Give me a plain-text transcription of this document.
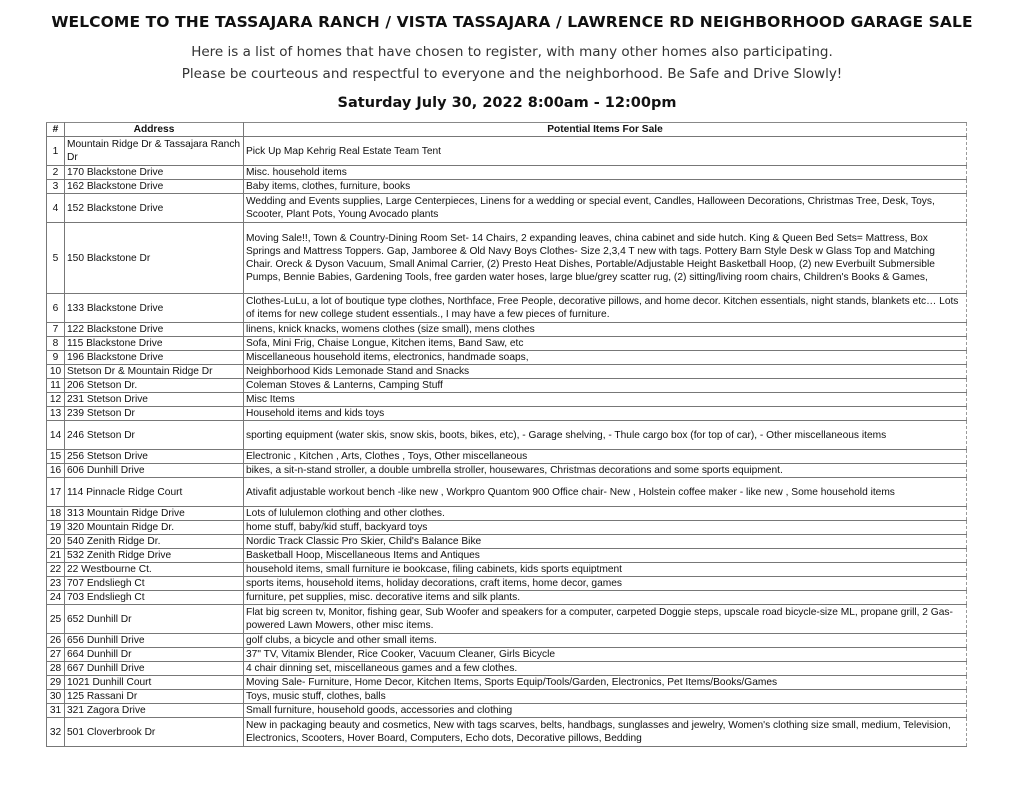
WELCOME TO THE TASSAJARA RANCH / VISTA TASSAJARA / LAWRENCE RD NEIGHBORHOOD GARAGE SALE
Here is a list of homes that have chosen to register, with many other homes also participating.
Please be courteous and respectful to everyone and the neighborhood. Be Safe and Drive Slowly!
Saturday July 30, 2022 8:00am - 12:00pm
#	Address	Potential Items For Sale
1	Mountain Ridge Dr & Tassajara Ranch Dr	Pick Up Map Kehrig Real Estate Team Tent
2	170 Blackstone Drive	Misc. household items
3	162 Blackstone Drive	Baby items, clothes, furniture, books
4	152 Blackstone Drive	Wedding and Events supplies, Large Centerpieces, Linens for a wedding or special event, Candles, Halloween Decorations, Christmas Tree, Desk, Toys, Scooter, Plant Pots, Young Avocado plants
5	150 Blackstone Dr	Moving Sale!!, Town & Country-Dining Room Set- 14 Chairs, 2 expanding leaves, china cabinet and side hutch. King & Queen Bed Sets= Mattress, Box Springs and Mattress Toppers. Gap, Jamboree & Old Navy Boys Clothes- Size 2,3,4 T new with tags. Pottery Barn Style Desk w Glass Top and Matching Chair. Oreck & Dyson Vacuum, Small Animal Carrier, (2) Presto Heat Dishes, Portable/Adjustable Height Basketball Hoop, (2) new Everbuilt Submersible Pumps, Bennie Babies, Gardening Tools, free garden water hoses, large blue/grey scatter rug, (2) sitting/living room chairs, Children's Books & Games,
6	133 Blackstone Drive	Clothes-LuLu, a lot of boutique type clothes, Northface, Free People, decorative pillows, and home decor. Kitchen essentials, night stands, blankets etc… Lots of items for new college student essentials., I may have a few pieces of furniture.
7	122 Blackstone Drive	linens, knick knacks, womens clothes (size small), mens clothes
8	115 Blackstone Drive	Sofa, Mini Frig, Chaise Longue, Kitchen items, Band Saw, etc
9	196 Blackstone Drive	Miscellaneous household items, electronics, handmade soaps,
10	Stetson Dr & Mountain Ridge Dr	Neighborhood Kids Lemonade Stand and Snacks
11	206 Stetson Dr.	Coleman Stoves & Lanterns, Camping Stuff
12	231 Stetson Drive	Misc Items
13	239 Stetson Dr	Household items and kids toys
14	246 Stetson Dr	sporting equipment (water skis, snow skis, boots, bikes, etc), - Garage shelving, - Thule cargo box (for top of car), - Other miscellaneous items
15	256 Stetson Drive	Electronic , Kitchen , Arts, Clothes , Toys, Other miscellaneous
16	606 Dunhill Drive	bikes, a sit-n-stand stroller, a double umbrella stroller, housewares, Christmas decorations and some sports equipment.
17	114 Pinnacle Ridge Court	Ativafit adjustable workout bench -like new , Workpro Quantom 900 Office chair- New , Holstein coffee maker - like new , Some household items
18	313 Mountain Ridge Drive	Lots of lululemon clothing and other clothes.
19	320 Mountain Ridge Dr.	home stuff, baby/kid stuff, backyard toys
20	540 Zenith Ridge Dr.	Nordic Track Classic Pro Skier, Child's Balance Bike
21	532 Zenith Ridge Drive	Basketball Hoop, Miscellaneous Items and Antiques
22	22 Westbourne Ct.	household items, small furniture ie bookcase, filing cabinets, kids sports equiptment
23	707 Endsliegh Ct	sports items, household items, holiday decorations, craft items, home decor, games
24	703 Endsliegh Ct	furniture, pet supplies, misc. decorative items and silk plants.
25	652 Dunhill Dr	Flat big screen tv, Monitor, fishing gear, Sub Woofer and speakers for a computer, carpeted Doggie steps, upscale road bicycle-size ML, propane grill, 2 Gas-powered Lawn Mowers, other misc items.
26	656 Dunhill Drive	golf clubs, a bicycle and other small items.
27	664 Dunhill Dr	37" TV, Vitamix Blender, Rice Cooker, Vacuum Cleaner, Girls Bicycle
28	667 Dunhill Drive	4 chair dinning set, miscellaneous games and a few clothes.
29	1021 Dunhill Court	Moving Sale- Furniture, Home Decor, Kitchen Items, Sports Equip/Tools/Garden, Electronics, Pet Items/Books/Games
30	125 Rassani Dr	Toys, music stuff, clothes, balls
31	321 Zagora Drive	Small furniture, household goods, accessories and clothing
32	501 Cloverbrook Dr	New in packaging beauty and cosmetics, New with tags scarves, belts, handbags, sunglasses and jewelry, Women's clothing size small, medium, Television, Electronics, Scooters, Hover Board, Computers, Echo dots, Decorative pillows, Bedding
